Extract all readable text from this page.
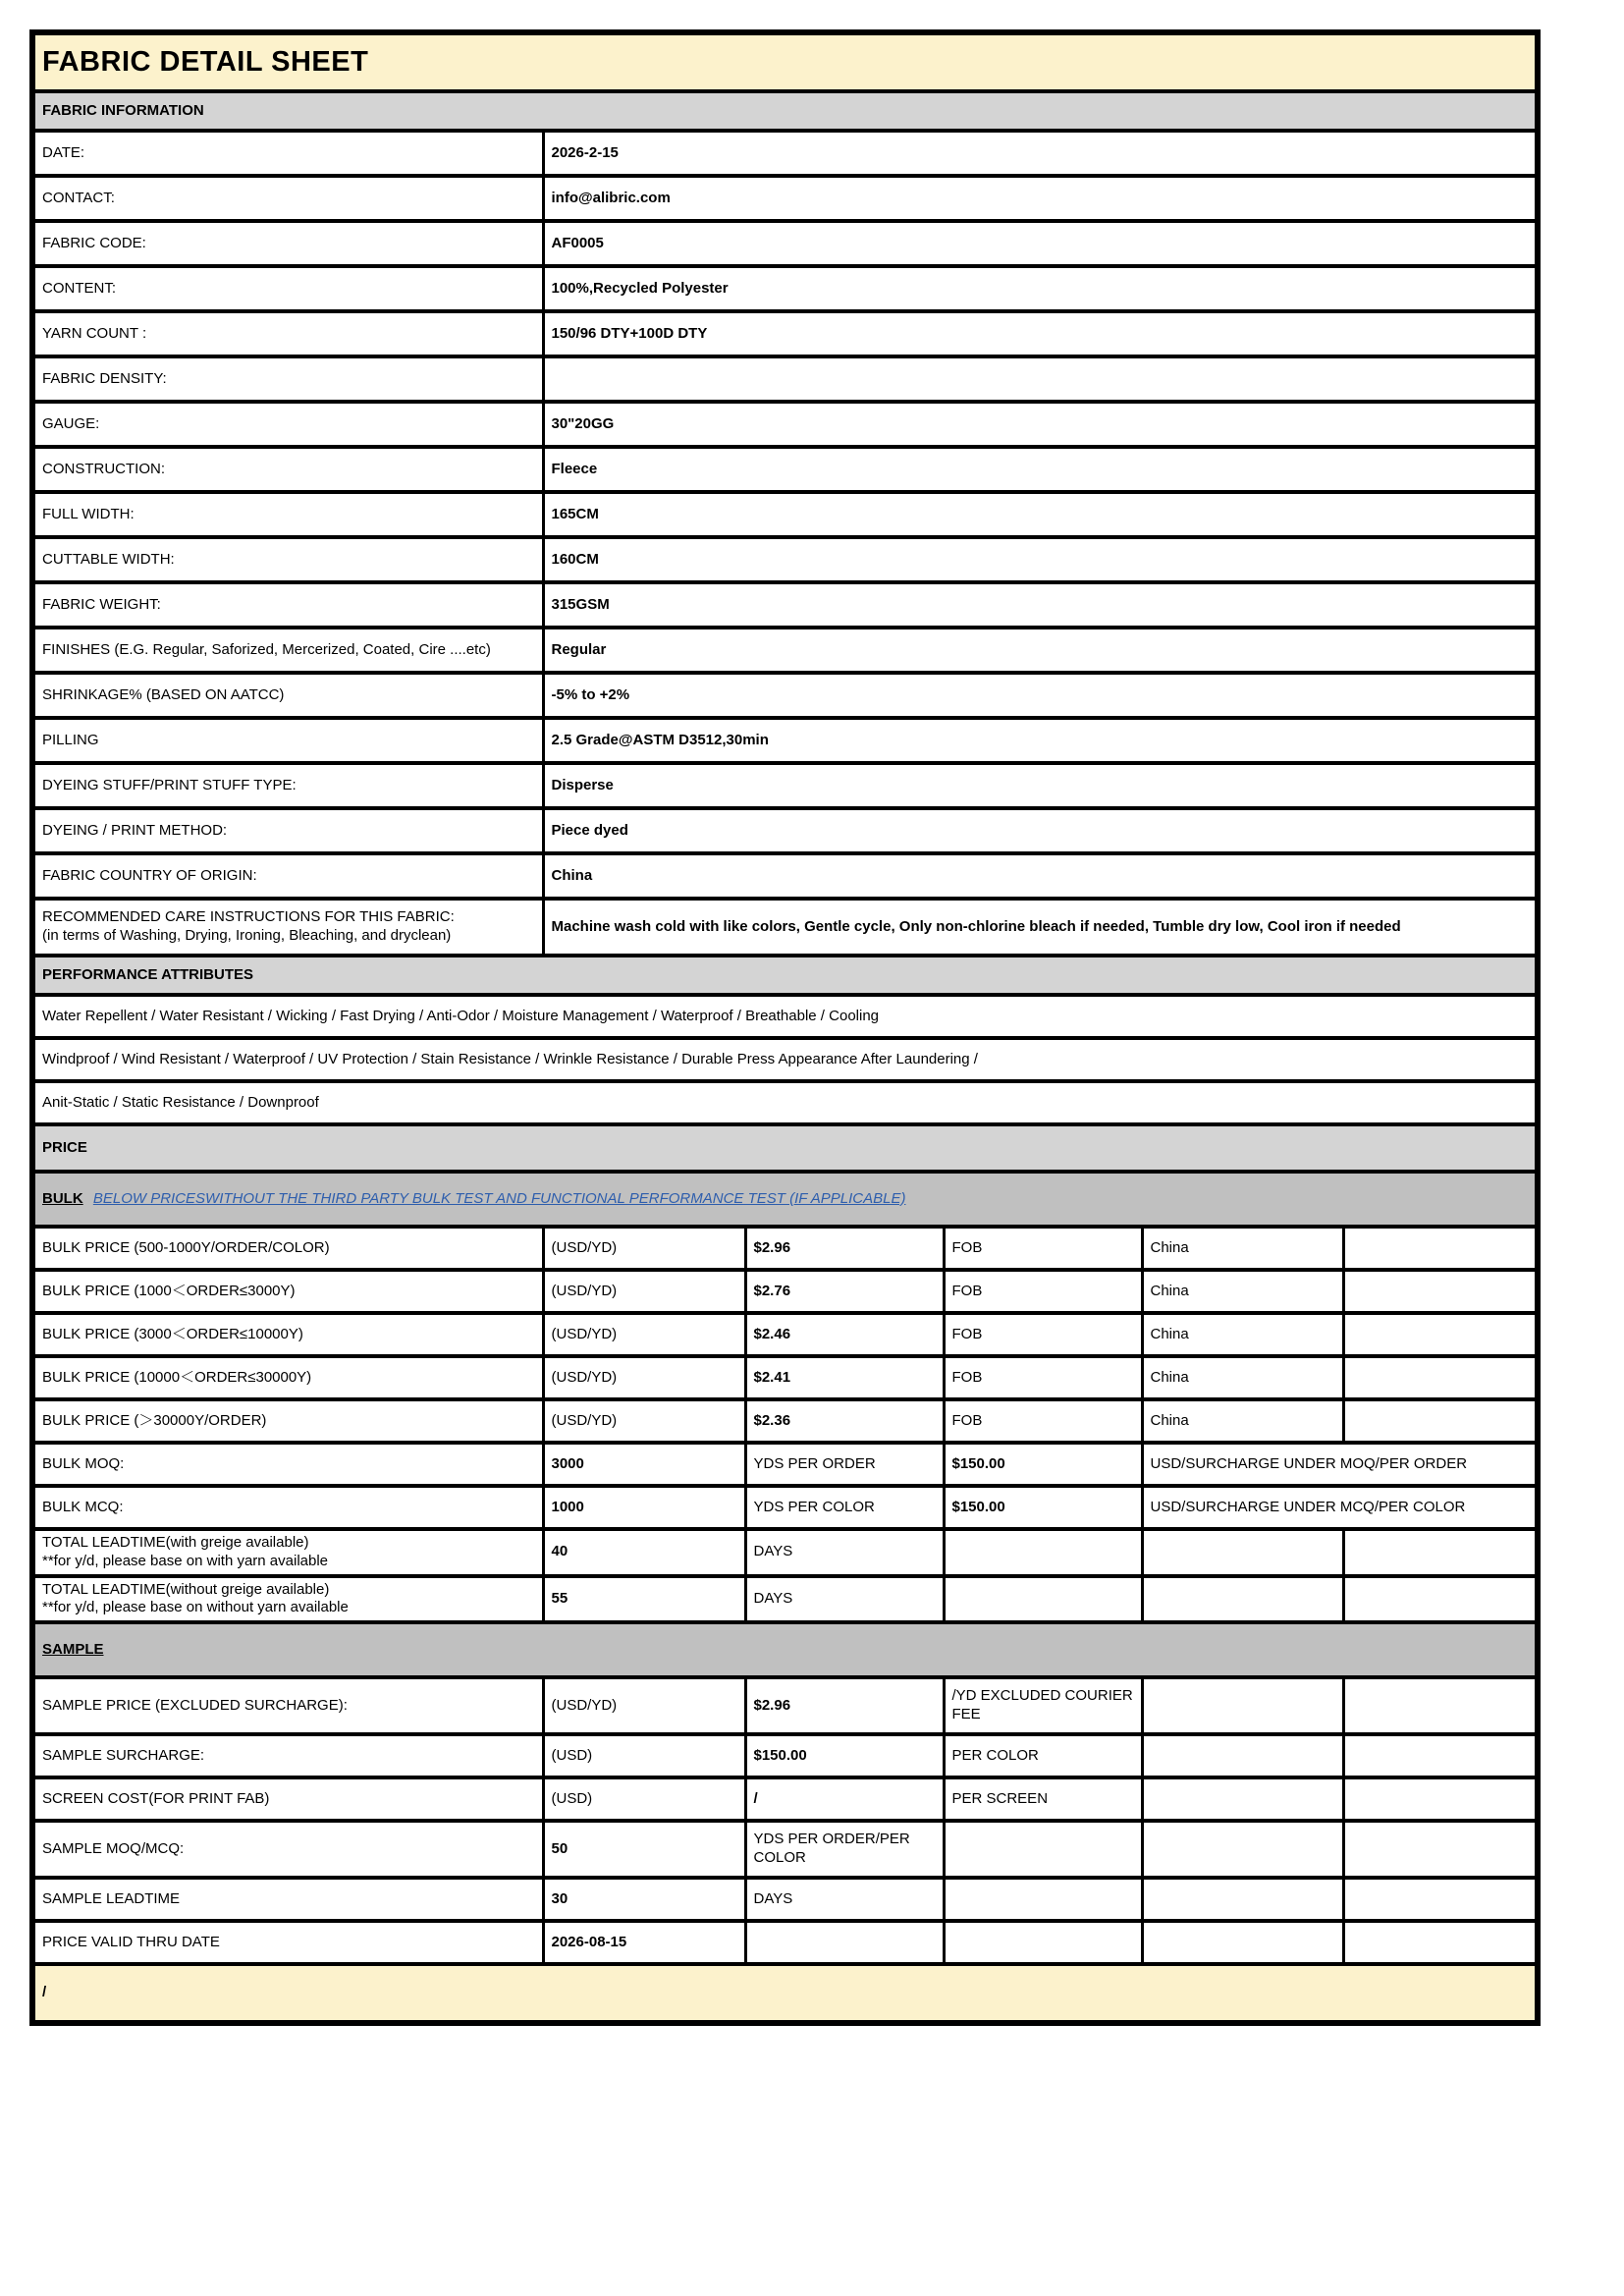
FABRIC DETAIL SHEET					
FABRIC INFORMATION					
DATE:	2026-2-15				
CONTACT:	info@alibric.com				
FABRIC CODE:	AF0005				
CONTENT:	100%,Recycled Polyester				
YARN COUNT :	150/96 DTY+100D DTY				
FABRIC DENSITY:					
GAUGE:	30"20GG				
CONSTRUCTION:	Fleece				
FULL WIDTH:	165CM				
CUTTABLE WIDTH:	160CM				
FABRIC WEIGHT:	315GSM				
FINISHES (E.G. Regular, Saforized, Mercerized, Coated, Cire ....etc)	Regular				
SHRINKAGE% (BASED ON AATCC)	-5% to +2%				
PILLING	2.5 Grade@ASTM D3512,30min				
DYEING STUFF/PRINT STUFF TYPE:	Disperse				
DYEING / PRINT METHOD:	Piece dyed				
FABRIC COUNTRY OF ORIGIN:	China				

RECOMMENDED CARE INSTRUCTIONS FOR THIS FABRIC:
(in terms of Washing, Drying, Ironing, Bleaching, and dryclean)	Machine wash cold with like colors, Gentle cycle, Only non-chlorine bleach if needed, Tumble dry low, Cool iron if needed				
PERFORMANCE ATTRIBUTES					
Water Repellent / Water Resistant / Wicking / Fast Drying / Anti-Odor / Moisture Management / Waterproof / Breathable / Cooling					
Windproof / Wind Resistant / Waterproof / UV Protection / Stain Resistance / Wrinkle Resistance / Durable Press Appearance After Laundering /					
Anit-Static / Static Resistance / Downproof					
PRICE					
BULK BELOW PRICESWITHOUT THE THIRD PARTY BULK TEST AND FUNCTIONAL PERFORMANCE TEST (IF APPLICABLE)					
BULK PRICE (500-1000Y/ORDER/COLOR)	(USD/YD)	$2.96	FOB	China	
BULK PRICE (1000＜ORDER≤3000Y)	(USD/YD)	$2.76	FOB	China	
BULK PRICE (3000＜ORDER≤10000Y)	(USD/YD)	$2.46	FOB	China	
BULK PRICE (10000＜ORDER≤30000Y)	(USD/YD)	$2.41	FOB	China	
BULK PRICE (＞30000Y/ORDER)	(USD/YD)	$2.36	FOB	China	
BULK MOQ:	3000	YDS PER ORDER	$150.00	USD/SURCHARGE UNDER MOQ/PER ORDER	
BULK MCQ:	1000	YDS PER COLOR	$150.00	USD/SURCHARGE UNDER MCQ/PER COLOR	

TOTAL LEADTIME(with greige available)
**for y/d, please base on with yarn available	40	DAYS			

TOTAL LEADTIME(without greige available)
**for y/d, please base on without yarn available	55	DAYS			
SAMPLE					
SAMPLE PRICE (EXCLUDED SURCHARGE):	(USD/YD)	$2.96	/YD EXCLUDED COURIER FEE		
SAMPLE SURCHARGE:	(USD)	$150.00	PER COLOR		
SCREEN COST(FOR PRINT FAB)	(USD)	/	PER SCREEN		
SAMPLE MOQ/MCQ:	50	YDS PER ORDER/PER COLOR			
SAMPLE LEADTIME	30	DAYS			
PRICE VALID THRU DATE	2026-08-15				
/					
